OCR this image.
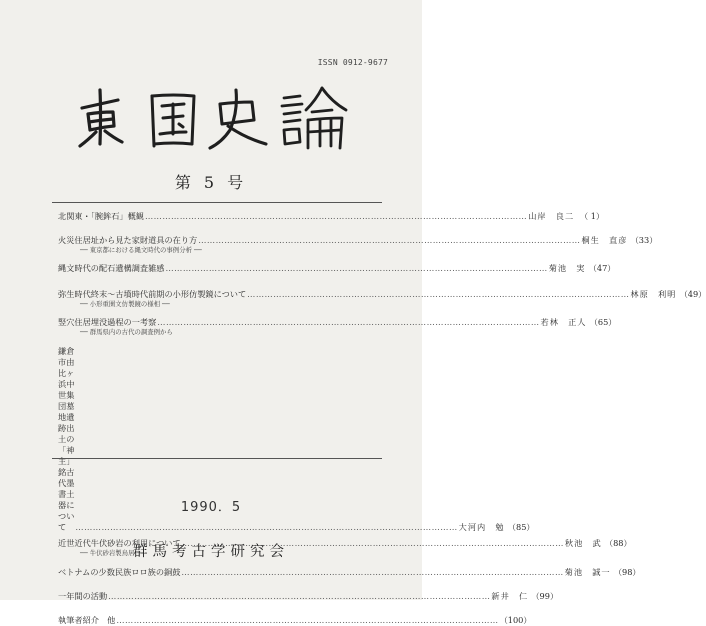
ISSN 0912-9677
第 5 号
北関東・「腕鉾石」概観 ……………………………………………………………………………………………………………………	山岸　良二 （ 1）
火災住居址から見た家財道具の在り方 ……………………………………………………………………………………………………………………	桐生　直彦 （33）
── 東京都における縄文時代の事例分析 ──
縄文時代の配石遺構調査雑感 ……………………………………………………………………………………………………………………	菊池　実 （47）
弥生時代終末～古墳時代前期の小形仿製鏡について ……………………………………………………………………………………………………………………	林原　利明 （49）
── 小形重圏文仿製鏡の様相 ──
竪穴住居埋没過程の一考察 ……………………………………………………………………………………………………………………	若林　正人 （65）
── 群馬県内の古代の調査例から
鎌倉市由比ヶ浜中世集団墓地遺跡出土の
「神主」銘古代墨書土器について ……………………………………………………………………………………………………………………	大河内　勉 （85）
近世近代牛伏砂岩の利用について ……………………………………………………………………………………………………………………	秋池　武 （88）
── 牛伏砂岩製鳥居 ──
ベトナムの少数民族ロロ族の銅鼓 ……………………………………………………………………………………………………………………	菊池　誠一 （98）
一年間の活動 ……………………………………………………………………………………………………………………	新井　仁 （99）
執筆者紹介　他 ……………………………………………………………………………………………………………………	（100）
1990．5
群馬考古学研究会
